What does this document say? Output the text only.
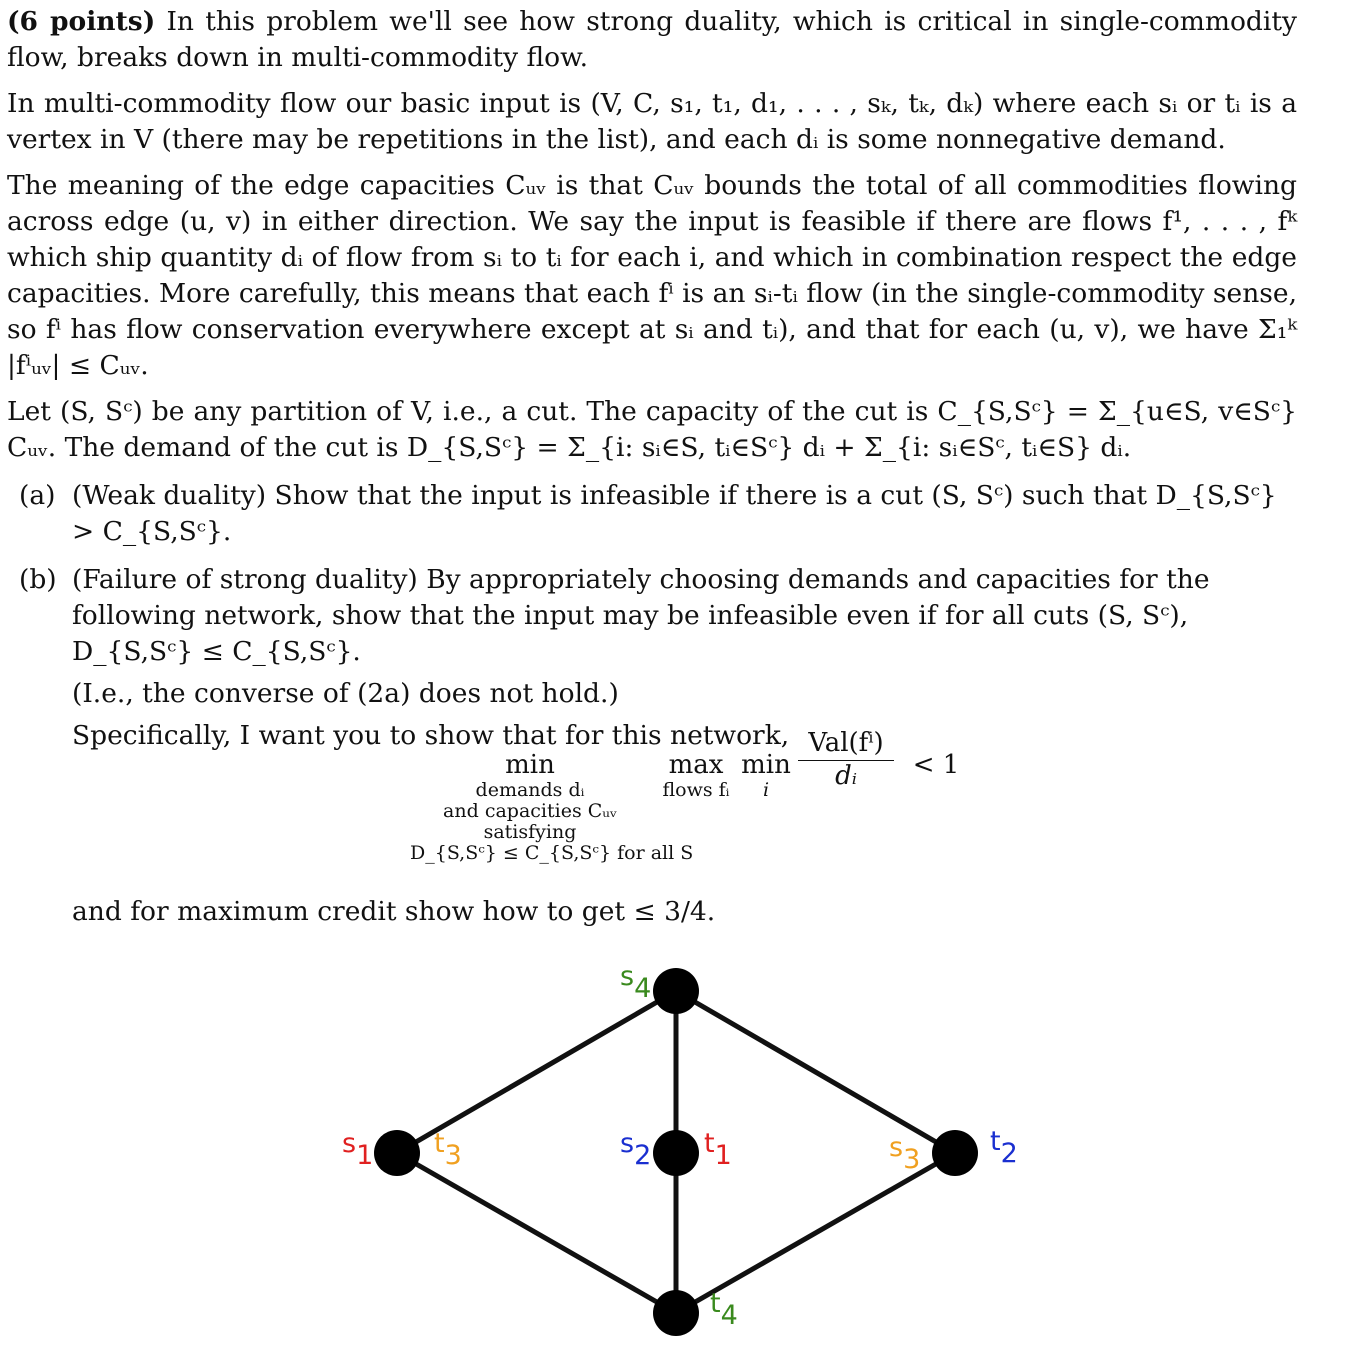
(6 points) In this problem we'll see how strong duality, which is critical in single-commodity flow, breaks down in multi-commodity flow.

In multi-commodity flow our basic input is (V, C, s₁, t₁, d₁, . . . , sₖ, tₖ, dₖ) where each sᵢ or tᵢ is a vertex in V (there may be repetitions in the list), and each dᵢ is some nonnegative demand.

The meaning of the edge capacities Cᵤᵥ is that Cᵤᵥ bounds the total of all commodities flowing across edge (u, v) in either direction. We say the input is feasible if there are flows f¹, . . . , fᵏ which ship quantity dᵢ of flow from sᵢ to tᵢ for each i, and which in combination respect the edge capacities. More carefully, this means that each fⁱ is an sᵢ-tᵢ flow (in the single-commodity sense, so fⁱ has flow conservation everywhere except at sᵢ and tᵢ), and that for each (u, v), we have Σ₁ᵏ |fⁱᵤᵥ| ≤ Cᵤᵥ.

Let (S, Sᶜ) be any partition of V, i.e., a cut. The capacity of the cut is C_{S,Sᶜ} = Σ_{u∈S, v∈Sᶜ} Cᵤᵥ. The demand of the cut is D_{S,Sᶜ} = Σ_{i: sᵢ∈S, tᵢ∈Sᶜ} dᵢ + Σ_{i: sᵢ∈Sᶜ, tᵢ∈S} dᵢ.

(a) (Weak duality) Show that the input is infeasible if there is a cut (S, Sᶜ) such that D_{S,Sᶜ} > C_{S,Sᶜ}.

(b) (Failure of strong duality) By appropriately choosing demands and capacities for the following network, show that the input may be infeasible even if for all cuts (S, Sᶜ), D_{S,Sᶜ} ≤ C_{S,Sᶜ}.

(I.e., the converse of (2a) does not hold.)

Specifically, I want you to show that for this network,

min
demands dᵢ
and capacities Cᵤᵥ
satisfying
D_{S,Sᶜ} ≤ C_{S,Sᶜ} for all S
max
flows fᵢ
min
i
Val(fⁱ)
dᵢ	< 1

and for maximum credit show how to get ≤ 3/4.

s4
s1 t3	s2 t1	s3
t2
t4
